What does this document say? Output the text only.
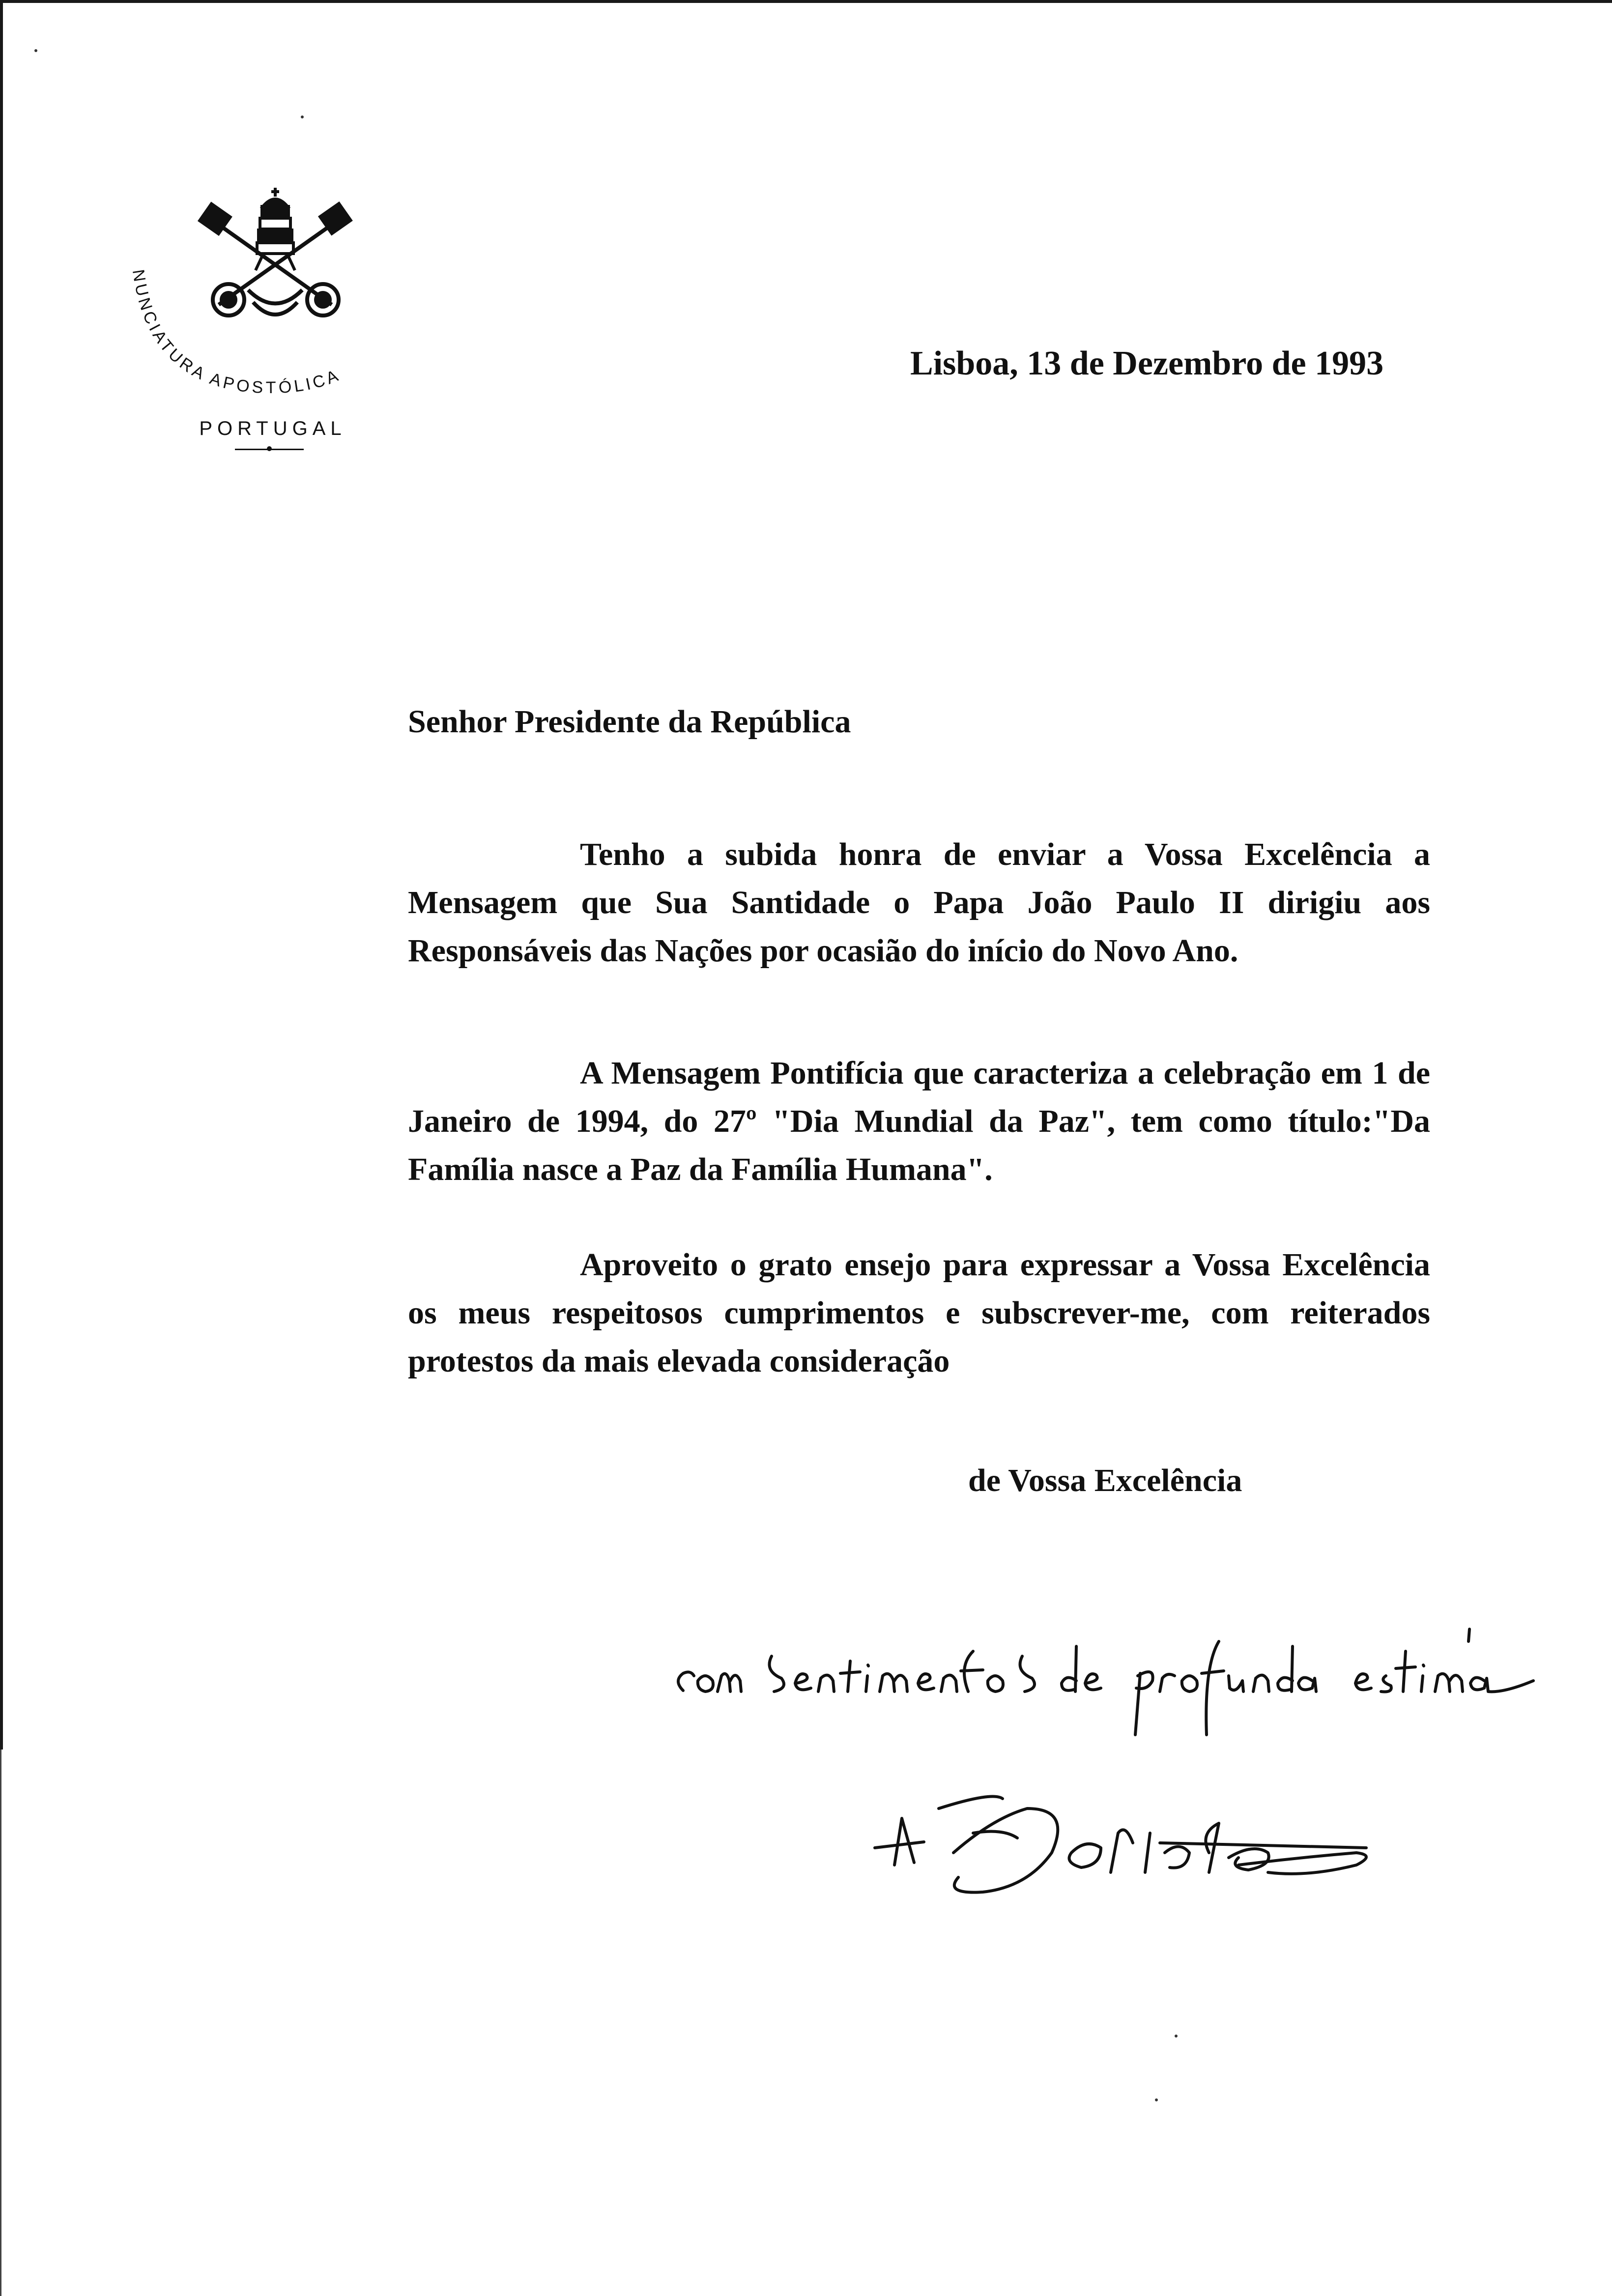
NUNCIATURA APOSTÓLICA
PORTUGAL
Lisboa, 13 de Dezembro de 1993
Senhor Presidente da República
Tenho a subida honra de enviar a Vossa Excelência a Mensagem que Sua Santidade o Papa João Paulo II dirigiu aos Responsáveis das Nações por ocasião do início do Novo Ano.
A Mensagem Pontifícia que caracteriza a celebração em 1 de Janeiro de 1994, do 27º "Dia Mundial da Paz", tem como título:"Da Família nasce a Paz da Família Humana".
Aproveito o grato ensejo para expressar a Vossa Excelência os meus respeitosos cumprimentos e subscrever-me, com reiterados protestos da mais elevada consideração
de Vossa Excelência
